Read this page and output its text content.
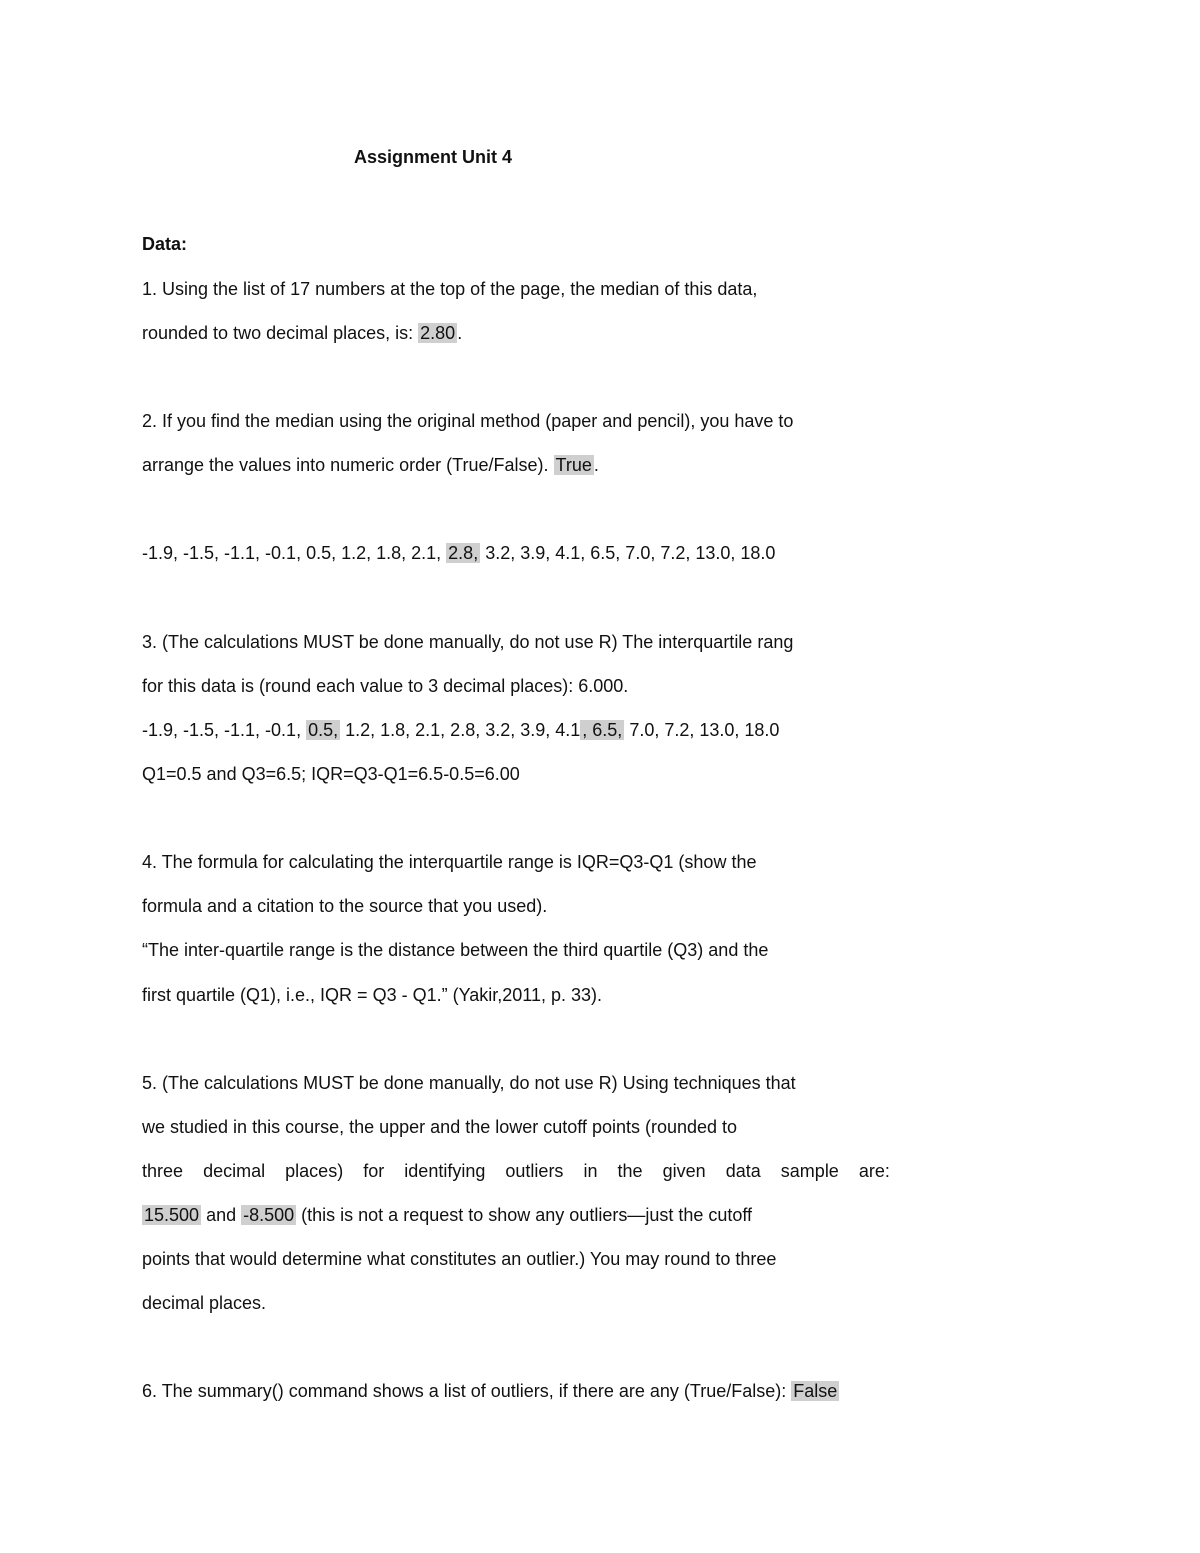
Assignment Unit 4
Data:
1. Using the list of 17 numbers at the top of the page, the median of this data,
rounded to two decimal places, is: 2.80 .
2. If you find the median using the original method (paper and pencil), you have to
arrange the values into numeric order (True/False). True .
-1.9, -1.5, -1.1, -0.1, 0.5, 1.2, 1.8, 2.1, 2.8, 3.2, 3.9, 4.1, 6.5, 7.0, 7.2, 13.0, 18.0
3. (The calculations MUST be done manually, do not use R) The interquartile rang
for this data is (round each value to 3 decimal places): 6.000.
-1.9, -1.5, -1.1, -0.1, 0.5, 1.2, 1.8, 2.1, 2.8, 3.2, 3.9, 4.1 , 6.5, 7.0, 7.2, 13.0, 18.0
Q1=0.5 and Q3=6.5; IQR=Q3-Q1=6.5-0.5=6.00
4. The formula for calculating the interquartile range is IQR=Q3-Q1 (show the
formula and a citation to the source that you used).
“The inter-quartile range is the distance between the third quartile (Q3) and the
first quartile (Q1), i.e., IQR = Q3 - Q1.” (Yakir,2011, p. 33).
5. (The calculations MUST be done manually, do not use R) Using techniques that
we studied in this course, the upper and the lower cutoff points (rounded to
three decimal places) for identifying outliers in the given data sample are:
15.500 and -8.500 (this is not a request to show any outliers—just the cutoff
points that would determine what constitutes an outlier.) You may round to three
decimal places.
6. The summary() command shows a list of outliers, if there are any (True/False): False
